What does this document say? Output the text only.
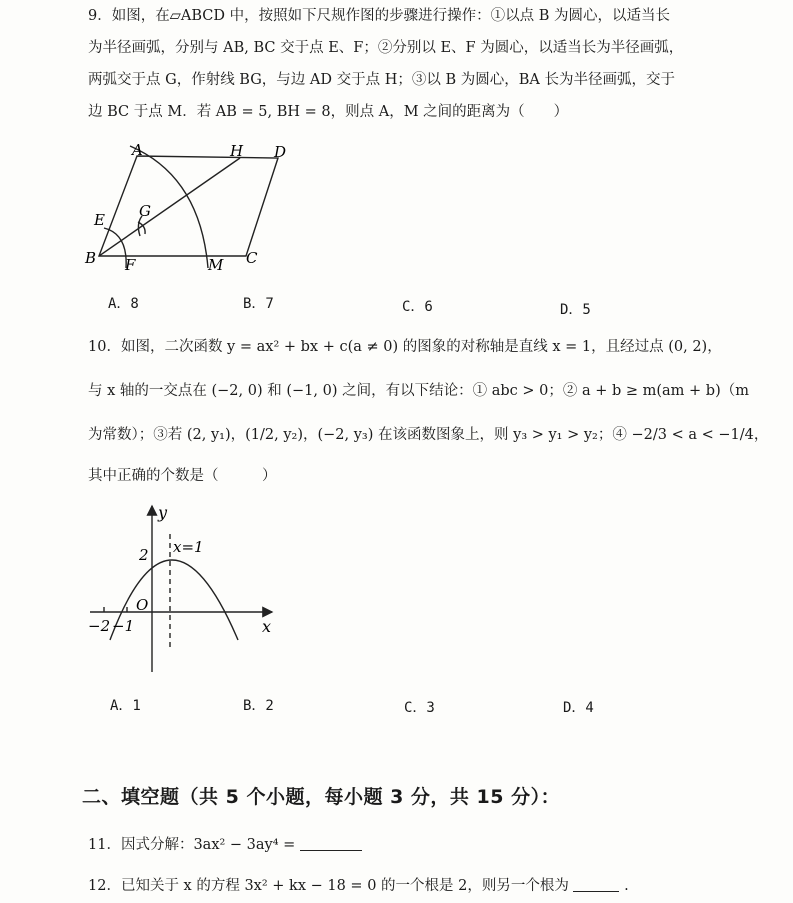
9．如图，在▱ABCD 中，按照如下尺规作图的步骤进行操作：①以点 B 为圆心，以适当长
为半径画弧，分别与 AB, BC 交于点 E、F；②分别以 E、F 为圆心，以适当长为半径画弧，
两弧交于点 G，作射线 BG，与边 AD 交于点 H；③以 B 为圆心，BA 长为半径画弧，交于
边 BC 于点 M．若 AB = 5, BH = 8，则点 A，M 之间的距离为（　　）
A	H D
E G
B F	M C
A．8	B．7	C．6	D．5
10．如图，二次函数 y = ax² + bx + c(a ≠ 0) 的图象的对称轴是直线 x = 1，且经过点 (0, 2)，
与 x 轴的一交点在 (−2, 0) 和 (−1, 0) 之间，有以下结论：① abc > 0；② a + b ≥ m(am + b)（m
为常数）；③若 (2, y₁)，(1/2, y₂)，(−2, y₃) 在该函数图象上，则 y₃ > y₁ > y₂；④ −2/3 < a < −1/4，
其中正确的个数是（　　　）
y
x
2 x=1
O
−2 −1
A．1	B．2	C．3	D．4
二、填空题（共 5 个小题，每小题 3 分，共 15 分）：
11．因式分解：3ax² − 3ay⁴ =
12．已知关于 x 的方程 3x² + kx − 18 = 0 的一个根是 2，则另一个根为	.
